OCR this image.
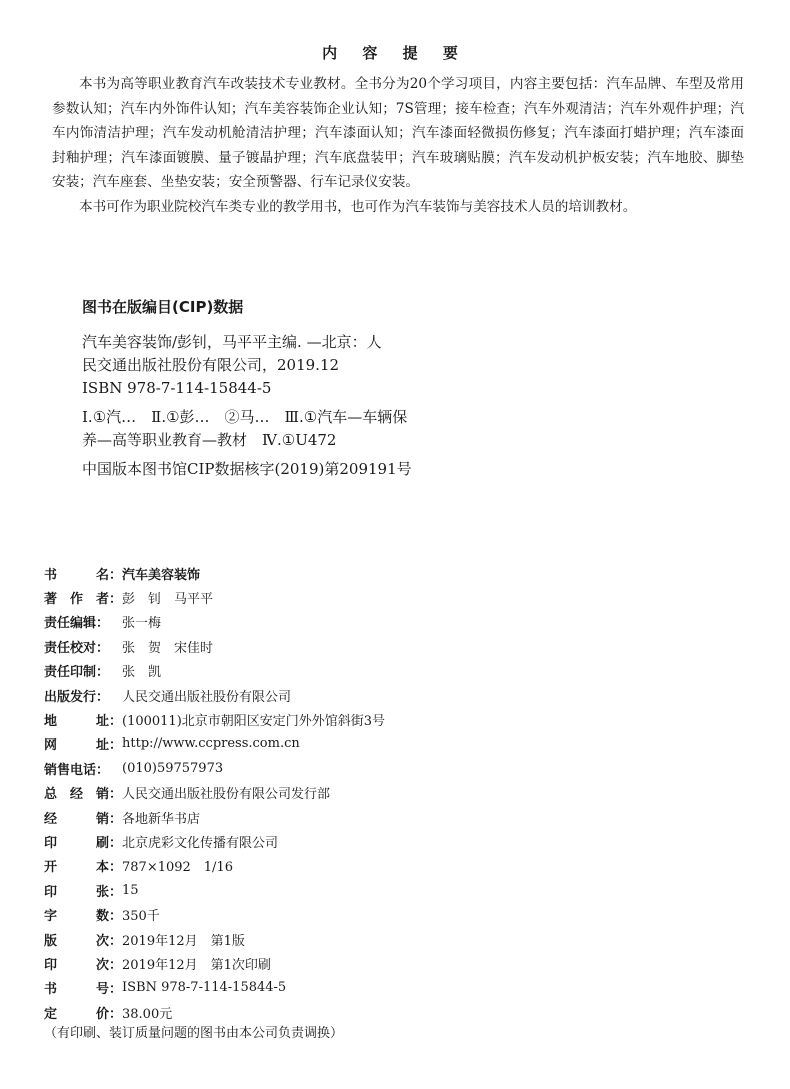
内 容 提 要

本书为高等职业教育汽车改装技术专业教材。全书分为20个学习项目，内容主要包括：汽车品牌、车型及常用参数认知；汽车内外饰件认知；汽车美容装饰企业认知；7S管理；接车检查；汽车外观清洁；汽车外观件护理；汽车内饰清洁护理；汽车发动机舱清洁护理；汽车漆面认知；汽车漆面轻微损伤修复；汽车漆面打蜡护理；汽车漆面封釉护理；汽车漆面镀膜、量子镀晶护理；汽车底盘装甲；汽车玻璃贴膜；汽车发动机护板安装；汽车地胶、脚垫安装；汽车座套、坐垫安装；安全预警器、行车记录仪安装。

本书可作为职业院校汽车类专业的教学用书，也可作为汽车装饰与美容技术人员的培训教材。

图书在版编目(CIP)数据
汽车美容装饰/彭钊，马平平主编. —北京：人
民交通出版社股份有限公司，2019.12
ISBN 978-7-114-15844-5
Ⅰ.①汽…　Ⅱ.①彭…　②马…　Ⅲ.①汽车—车辆保
养—高等职业教育—教材　Ⅳ.①U472
中国版本图书馆CIP数据核字(2019)第209191号
书	名： 汽车美容装饰
著 作 者： 彭　钊　马平平
责任编辑： 张一梅
责任校对： 张　贺　宋佳时
责任印制： 张　凯
出版发行： 人民交通出版社股份有限公司
地	址： (100011)北京市朝阳区安定门外外馆斜街3号
网	址： http://www.ccpress.com.cn
销售电话： (010)59757973
总 经 销： 人民交通出版社股份有限公司发行部
经	销： 各地新华书店
印	刷： 北京虎彩文化传播有限公司
开	本： 787×1092　1/16
印	张： 15
字	数： 350千
版	次： 2019年12月　第1版
印	次： 2019年12月　第1次印刷
书	号： ISBN 978-7-114-15844-5
定	价： 38.00元
（有印刷、装订质量问题的图书由本公司负责调换）
